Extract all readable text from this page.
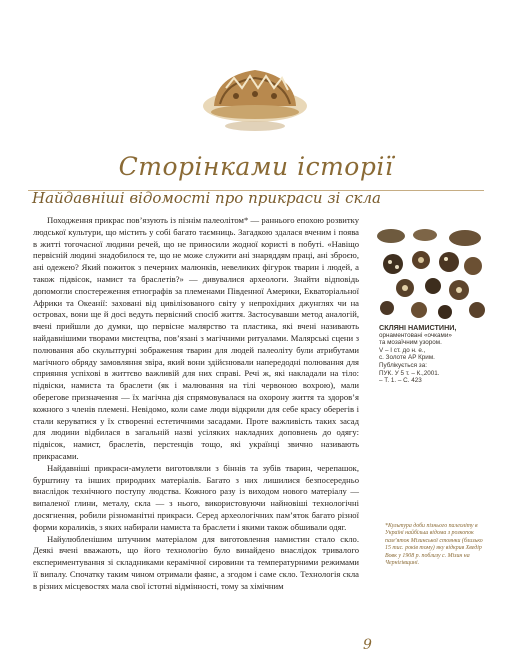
Сторінками історії
Найдавніші відомості про прикраси зі скла

Походження прикрас пов’язують із пізнім палеолітом* — раннього епохою розвитку людської культури, що містить у собі багато таємниць. Загадкою здалася вченим і поява в житті тогочасної людини речей, що не приносили жодної користі в побуті. «Навіщо первісній людині знадобилося те, що не може служити ані знаряддям праці, ані зброєю, ані одежею? Який пожиток з печерних малюнків, невеликих фігурок тварин і людей, а також підвісок, намист та браслетів?» — дивувалися археологи. Знайти відповідь допомогли спостереження етнографів за племенами Південної Америки, Екваторіальної Африки та Океанії: заховані від цивілізованого світу у непрохідних джунглях чи на островах, вони ще й досі ведуть первісний спосіб життя. Застосувавши метод аналогій, вчені прийшли до думки, що первісне малярство та пластика, які вчені називають найдавнішими творами мистецтва, пов’язані з магічними ритуалами. Малярські сцени з полювання або скульптурні зображення тварин для людей палеоліту були атрибутами магічного обряду замовляння звіра, який вони здійснювали напередодні полювання для сприяння успіхові в життєво важливій для них справі. Речі ж, які накладали на тіло: підвіски, намиста та браслети (як і малювання на тілі червоною вохрою), мали оберегове призначення — їх магічна дія спрямовувалася на охорону життя та здоров’я кожного з членів племені. Невідомо, коли саме люди відкрили для себе красу оберегів і стали керуватися у їх створенні естетичними засадами. Проте важливість таких засад для людини відбилася в загальній назві усіляких накладних доповнень до одягу: підвісок, намист, браслетів, перстенців тощо, які українці звично називають прикрасами.

Найдавніші прикраси-амулети виготовляли з біннів та зубів тварин, черепашок, бурштину та інших природних матеріалів. Багато з них лишилися безпосередньо внаслідок технічного поступу людства. Кожного разу із виходом нового матеріалу — випаленої глини, металу, скла — з нього, використовуючи найновіші технологічні досягнення, робили різноманітні прикраси. Серед археологічних пам’яток багато різної форми кораликів, з яких набирали намиста та браслети і якими також обшивали одяг.

Найулюбленішим штучним матеріалом для виготовлення намистин стало скло. Деякі вчені вважають, що його технологію було винайдено внаслідок тривалого експериментування зі складниками керамічної сировини та температурними режимами її випалу. Спочатку таким чином отримали фаянс, а згодом і саме скло. Технологія скла в різних місцевостях мала свої істотні відмінності, тому за хімічним

СКЛЯНІ НАМИСТИНИ,
орнаментовані «очками»
та мозаїчним узором.
V – І ст. до н. е.,
с. Золоте АР Крим.
Публікується за:
ПУК. У 5 т. – К.,2001.
– Т. 1. – С. 423
*Культура доби пізнього палеоліту в Україні найбільш відома з розкопок пам’яток Мізинської стоянки (близько 15 тис. років тому) яку відкрив Хведір Вовк у 1908 р. поблизу с. Мізин на Чернігівщині.
9
